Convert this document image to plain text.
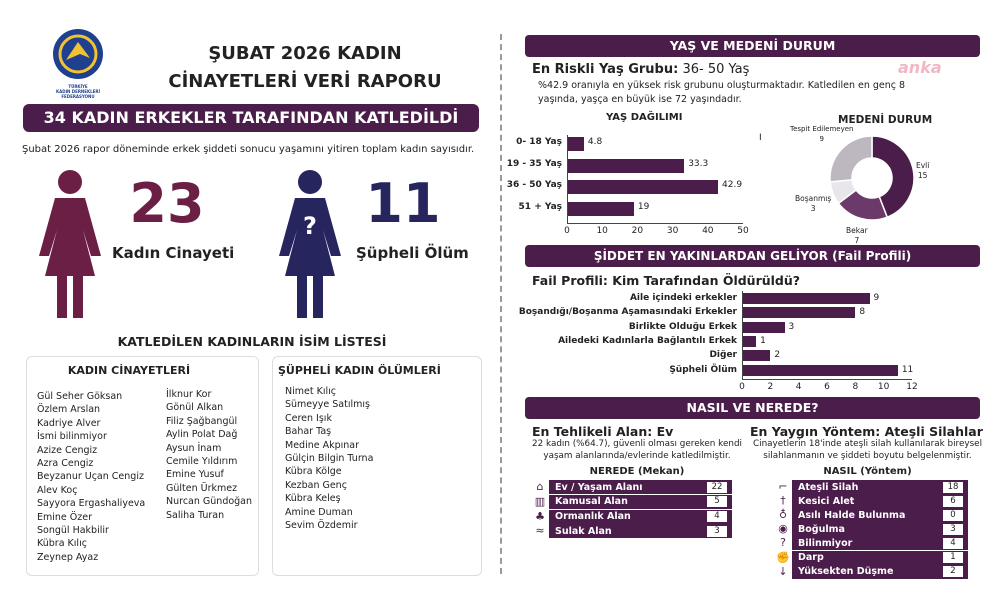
TÜRKİYE
KADIN DERNEKLERİ
FEDERASYONU
ŞUBAT 2026 KADIN
CİNAYETLERİ VERİ RAPORU
34 KADIN ERKEKLER TARAFINDAN KATLEDİLDİ
Şubat 2026 rapor döneminde erkek şiddeti sonucu yaşamını yitiren toplam kadın sayısıdır.
23
Kadın Cinayeti
? 11
Şüpheli Ölüm
KATLEDİLEN KADINLARIN İSİM LİSTESİ
KADIN CİNAYETLERİ
Gül Seher Göksan
Özlem Arslan
Kadriye Alver
İsmi bilinmiyor
Azize Cengiz
Azra Cengiz
Beyzanur Uçan Cengiz
Alev Koç
Sayyora Ergashaliyeva
Emine Özer
Songül Hakbilir
Kübra Kılıç
Zeynep Ayaz
İlknur Kor
Gönül Alkan
Filiz Şağbangül
Aylin Polat Dağ
Aysun İnam
Cemile Yıldırım
Emine Yusuf
Gülten Ürkmez
Nurcan Gündoğan
Saliha Turan
ŞÜPHELİ KADIN ÖLÜMLERİ
Nimet Kılıç
Sümeyye Satılmış
Ceren Işık
Bahar Taş
Medine Akpınar
Gülçin Bilgin Turna
Kübra Kölge
Kezban Genç
Kübra Keleş
Amine Duman
Sevim Özdemir
YAŞ VE MEDENİ DURUM
anka
En Riskli Yaş Grubu: 36- 50 Yaş
%42.9 oranıyla en yüksek risk grubunu oluşturmaktadır. Katledilen en genç 8
yaşında, yaşça en büyük ise 72 yaşındadır.
YAŞ DAĞILIMI
I
0- 18 Yaş	4.8
19 - 35 Yaş	33.3
36 - 50 Yaş	42.9
51 + Yaş	19
0	10	20	30	40	50
MEDENİ DURUM
Tespit Edilemeyen
9
Evli
15
Boşanmış
3
Bekar
7
ŞİDDET EN YAKINLARDAN GELİYOR (Fail Profili)
Fail Profili: Kim Tarafından Öldürüldü?
Aile içindeki erkekler	9
Boşandığı/Boşanma Aşamasındaki Erkekler	8
Birlikte Olduğu Erkek	3
Ailedeki Kadınlarla Bağlantılı Erkek	1
Diğer	2
Şüpheli Ölüm	11
0	2	4	6	8	10	12
NASIL VE NEREDE?
En Tehlikeli Alan: Ev
22 kadın (%64.7), güvenli olması gereken kendi
yaşam alanlarında/evlerinde katledilmiştir.
NEREDE (Mekan)
⌂	Ev / Yaşam Alanı	22
▥	Kamusal Alan	5
♣	Ormanlık Alan	4
≈	Sulak Alan	3
En Yaygın Yöntem: Ateşli Silahlar
Cinayetlerin 18'inde ateşli silah kullanılarak bireysel
silahlanmanın ve şiddeti boyutu belgelenmiştir.
NASIL (Yöntem)
⌐	Ateşli Silah	18
†	Kesici Alet	6
♁	Asılı Halde Bulunma	0
◉	Boğulma	3
?	Bilinmiyor	4
✊ Darp	1
↓	Yüksekten Düşme	2
